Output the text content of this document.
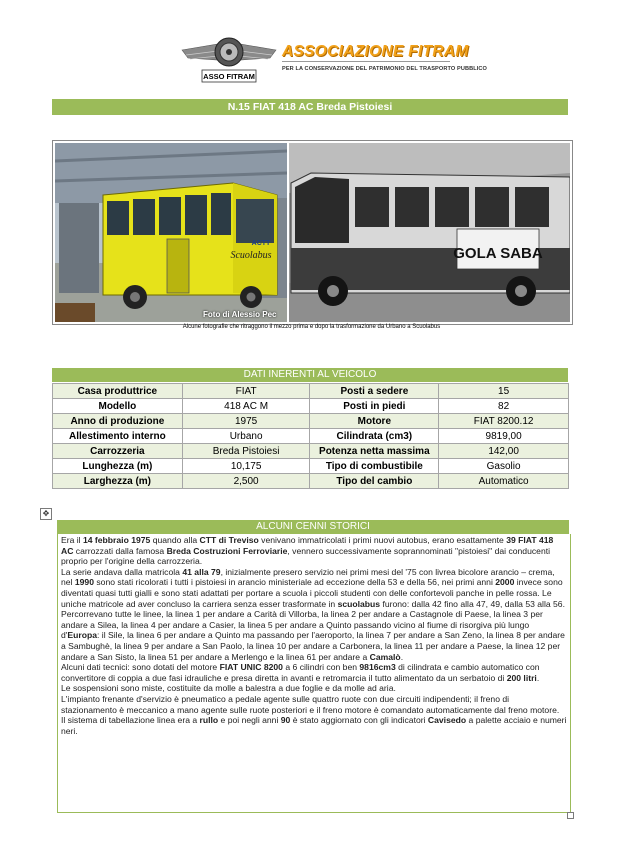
ASSO FITRAM
ASSOCIAZIONE FITRAM
PER LA CONSERVAZIONE DEL PATRIMONIO DEL TRASPORTO PUBBLICO
N.15 FIAT 418 AC Breda Pistoiesi
Scuolabus
ACTT
Foto di Alessio Pec
GOLA SABA
Alcune fotografie che ritraggono il mezzo prima e dopo la trasformazione da Urbano a Scuolabus
DATI INERENTI AL VEICOLO
Casa produttrice	FIAT	Posti a sedere	15
Modello	418 AC M	Posti in piedi	82
Anno di produzione	1975	Motore	FIAT 8200.12
Allestimento interno	Urbano	Cilindrata (cm3)	9819,00
Carrozzeria	Breda Pistoiesi	Potenza netta massima	142,00
Lunghezza (m)	10,175	Tipo di combustibile	Gasolio
Larghezza (m)	2,500	Tipo del cambio	Automatico
✥
ALCUNI CENNI STORICI

Era il 14 febbraio 1975 quando alla CTT di Treviso venivano immatricolati i primi nuovi autobus, erano esattamente 39 FIAT 418 AC carrozzati dalla famosa Breda Costruzioni Ferroviarie, vennero successivamente soprannominati "pistoiesi" dai conducenti proprio per l'origine della carrozzeria.

La serie andava dalla matricola 41 alla 79, inizialmente presero servizio nei primi mesi del '75 con livrea bicolore arancio – crema, nel 1990 sono stati ricolorati i tutti i pistoiesi in arancio ministeriale ad eccezione della 53 e della 56, nei primi anni 2000 invece sono diventati quasi tutti gialli e sono stati adattati per portare a scuola i piccoli studenti con delle confortevoli panche in pelle rossa. Le uniche matricole ad aver concluso la carriera senza esser trasformate in scuolabus furono: dalla 42 fino alla 47, 49, dalla 53 alla 56.

Percorrevano tutte le linee, la linea 1 per andare a Carità di Villorba, la linea 2 per andare a Castagnole di Paese, la linea 3 per andare a Silea, la linea 4 per andare a Casier, la linea 5 per andare a Quinto passando vicino al fiume di risorgiva più lungo d'Europa: il Sile, la linea 6 per andare a Quinto ma passando per l'aeroporto, la linea 7 per andare a San Zeno, la linea 8 per andare a Sambughè, la linea 9 per andare a San Paolo, la linea 10 per andare a Carbonera, la linea 11 per andare a Paese, la linea 12 per andare a San Sisto, la linea 51 per andare a Merlengo e la linea 61 per andare a Camalò.

Alcuni dati tecnici: sono dotati del motore FIAT UNIC 8200 a 6 cilindri con ben 9816cm3 di cilindrata e cambio automatico con convertitore di coppia a due fasi idrauliche e presa diretta in avanti e retromarcia il tutto alimentato da un serbatoio di 200 litri.

Le sospensioni sono miste, costituite da molle a balestra a due foglie e da molle ad aria.

L'impianto frenante d'servizio è pneumatico a pedale agente sulle quattro ruote con due circuiti indipendenti; il freno di stazionamento è meccanico a mano agente sulle ruote posteriori e il freno motore è comandato automaticamente dal freno motore.

Il sistema di tabellazione linea era a rullo e poi negli anni 90 è stato aggiornato con gli indicatori Cavisedo a palette acciaio e numeri neri.
